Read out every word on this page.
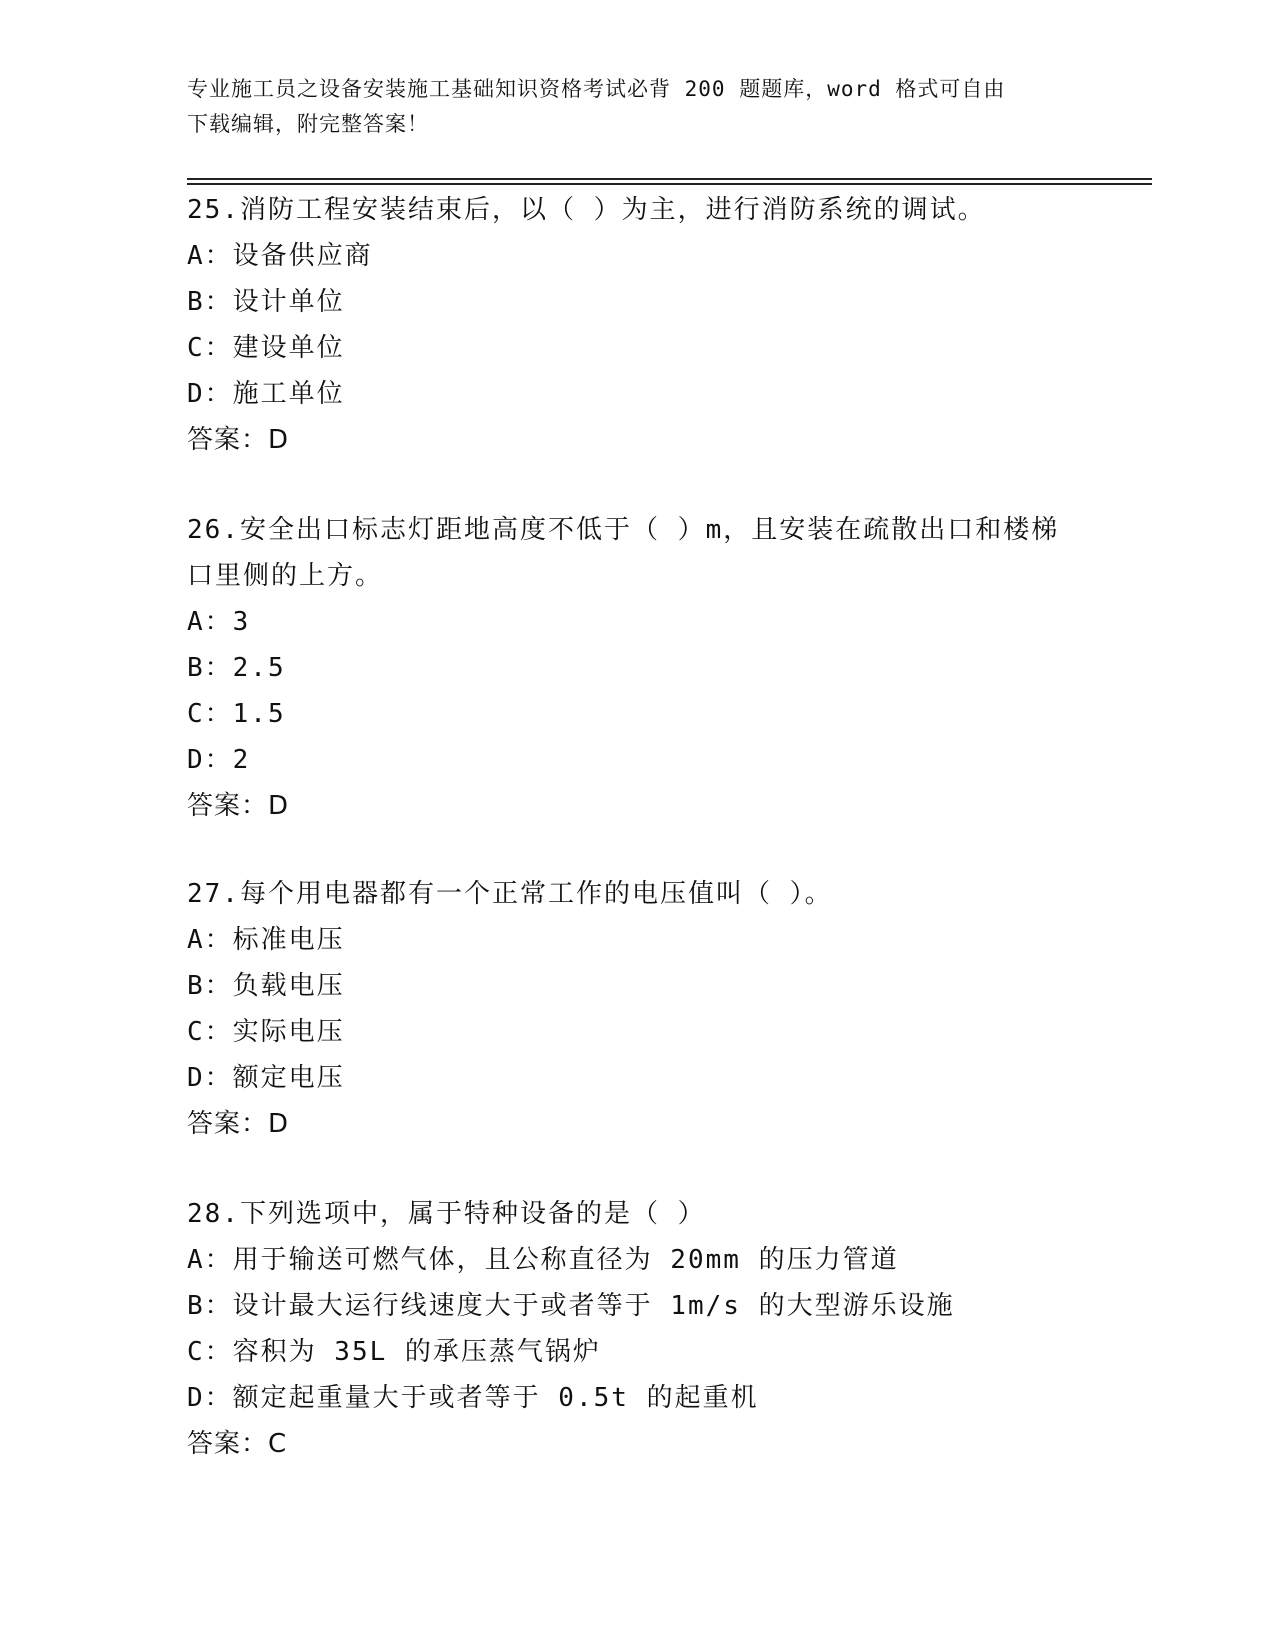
专业施工员之设备安装施工基础知识资格考试必背 200 题题库，word 格式可自由
下载编辑，附完整答案！
25.消防工程安装结束后，以（ ）为主，进行消防系统的调试。
A：设备供应商
B：设计单位
C：建设单位
D：施工单位
答案：D
26.安全出口标志灯距地高度不低于（ ）m，且安装在疏散出口和楼梯
口里侧的上方。
A：3
B：2.5
C：1.5
D：2
答案：D
27.每个用电器都有一个正常工作的电压值叫（ ）。
A：标准电压
B：负载电压
C：实际电压
D：额定电压
答案：D
28.下列选项中，属于特种设备的是（ ）
A：用于输送可燃气体，且公称直径为 20mm 的压力管道
B：设计最大运行线速度大于或者等于 1m/s 的大型游乐设施
C：容积为 35L 的承压蒸气锅炉
D：额定起重量大于或者等于 0.5t 的起重机
答案：C
